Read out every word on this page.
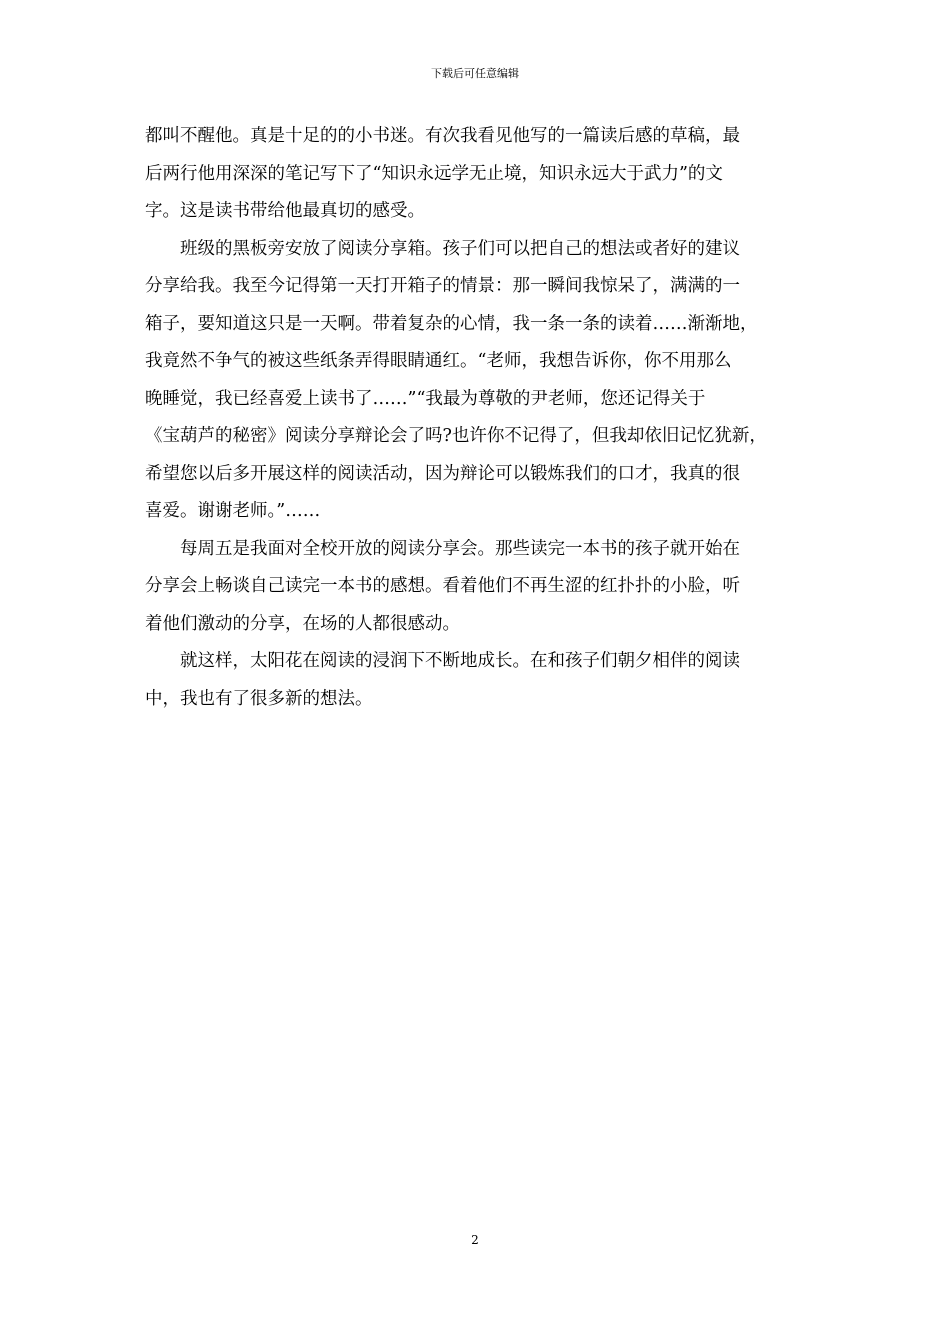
下载后可任意编辑
都叫不醒他。真是十足的的小书迷。有次我看见他写的一篇读后感的草稿，最
后两行他用深深的笔记写下了“知识永远学无止境，知识永远大于武力”的文
字。这是读书带给他最真切的感受。
班级的黑板旁安放了阅读分享箱。孩子们可以把自己的想法或者好的建议
分享给我。我至今记得第一天打开箱子的情景：那一瞬间我惊呆了，满满的一
箱子，要知道这只是一天啊。带着复杂的心情，我一条一条的读着……渐渐地，
我竟然不争气的被这些纸条弄得眼睛通红。“老师，我想告诉你，你不用那么
晚睡觉，我已经喜爱上读书了……”“我最为尊敬的尹老师，您还记得关于
《宝葫芦的秘密》阅读分享辩论会了吗?也许你不记得了，但我却依旧记忆犹新，
希望您以后多开展这样的阅读活动，因为辩论可以锻炼我们的口才，我真的很
喜爱。谢谢老师。”……
每周五是我面对全校开放的阅读分享会。那些读完一本书的孩子就开始在
分享会上畅谈自己读完一本书的感想。看着他们不再生涩的红扑扑的小脸，听
着他们激动的分享，在场的人都很感动。
就这样，太阳花在阅读的浸润下不断地成长。在和孩子们朝夕相伴的阅读
中，我也有了很多新的想法。
2
